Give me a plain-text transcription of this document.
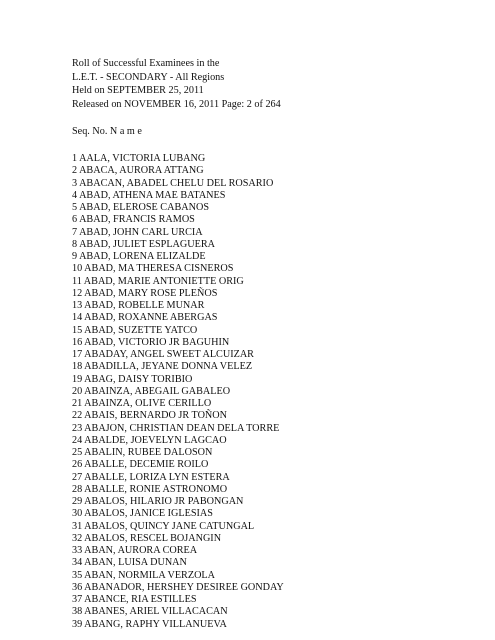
Roll of Successful Examinees in the
L.E.T. - SECONDARY - All Regions
Held on SEPTEMBER 25, 2011
Released on NOVEMBER 16, 2011 Page: 2 of 264
Seq. No. N a m e
1 AALA, VICTORIA LUBANG
2 ABACA, AURORA ATTANG
3 ABACAN, ABADEL CHELU DEL ROSARIO
4 ABAD, ATHENA MAE BATANES
5 ABAD, ELEROSE CABANOS
6 ABAD, FRANCIS RAMOS
7 ABAD, JOHN CARL URCIA
8 ABAD, JULIET ESPLAGUERA
9 ABAD, LORENA ELIZALDE
10 ABAD, MA THERESA CISNEROS
11 ABAD, MARIE ANTONIETTE ORIG
12 ABAD, MARY ROSE PLEÑOS
13 ABAD, ROBELLE MUNAR
14 ABAD, ROXANNE ABERGAS
15 ABAD, SUZETTE YATCO
16 ABAD, VICTORIO JR BAGUHIN
17 ABADAY, ANGEL SWEET ALCUIZAR
18 ABADILLA, JEYANE DONNA VELEZ
19 ABAG, DAISY TORIBIO
20 ABAINZA, ABEGAIL GABALEO
21 ABAINZA, OLIVE CERILLO
22 ABAIS, BERNARDO JR TOÑON
23 ABAJON, CHRISTIAN DEAN DELA TORRE
24 ABALDE, JOEVELYN LAGCAO
25 ABALIN, RUBEE DALOSON
26 ABALLE, DECEMIE ROILO
27 ABALLE, LORIZA LYN ESTERA
28 ABALLE, RONIE ASTRONOMO
29 ABALOS, HILARIO JR PABONGAN
30 ABALOS, JANICE IGLESIAS
31 ABALOS, QUINCY JANE CATUNGAL
32 ABALOS, RESCEL BOJANGIN
33 ABAN, AURORA COREA
34 ABAN, LUISA DUNAN
35 ABAN, NORMILA VERZOLA
36 ABANADOR, HERSHEY DESIREE GONDAY
37 ABANCE, RIA ESTILLES
38 ABANES, ARIEL VILLACACAN
39 ABANG, RAPHY VILLANUEVA
